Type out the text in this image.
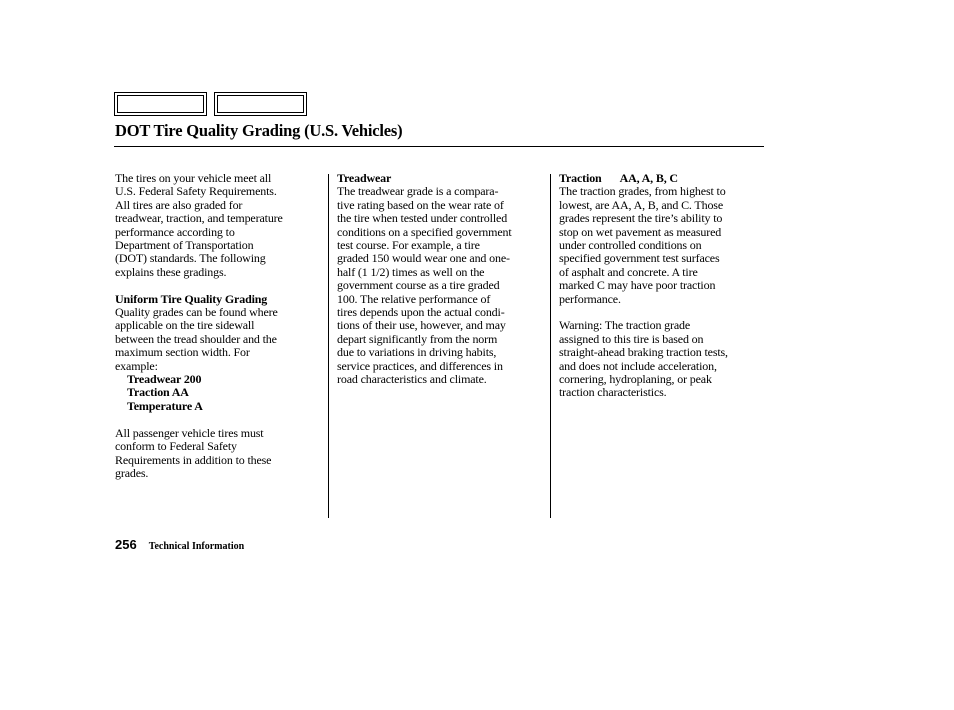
DOT Tire Quality Grading (U.S. Vehicles)
The tires on your vehicle meet all
U.S. Federal Safety Requirements.
All tires are also graded for
treadwear, traction, and temperature
performance according to
Department of Transportation
(DOT) standards. The following
explains these gradings.
Uniform Tire Quality Grading
Quality grades can be found where
applicable on the tire sidewall
between the tread shoulder and the
maximum section width. For
example:
Treadwear 200
Traction AA
Temperature A
All passenger vehicle tires must
conform to Federal Safety
Requirements in addition to these
grades.
Treadwear
The treadwear grade is a compara-
tive rating based on the wear rate of
the tire when tested under controlled
conditions on a specified government
test course. For example, a tire
graded 150 would wear one and one-
half (1 1/2) times as well on the
government course as a tire graded
100. The relative performance of
tires depends upon the actual condi-
tions of their use, however, and may
depart significantly from the norm
due to variations in driving habits,
service practices, and differences in
road characteristics and climate.
Traction AA, A, B, C
The traction grades, from highest to
lowest, are AA, A, B, and C. Those
grades represent the tire’s ability to
stop on wet pavement as measured
under controlled conditions on
specified government test surfaces
of asphalt and concrete. A tire
marked C may have poor traction
performance.
Warning: The traction grade
assigned to this tire is based on
straight-ahead braking traction tests,
and does not include acceleration,
cornering, hydroplaning, or peak
traction characteristics.
256 Technical Information
